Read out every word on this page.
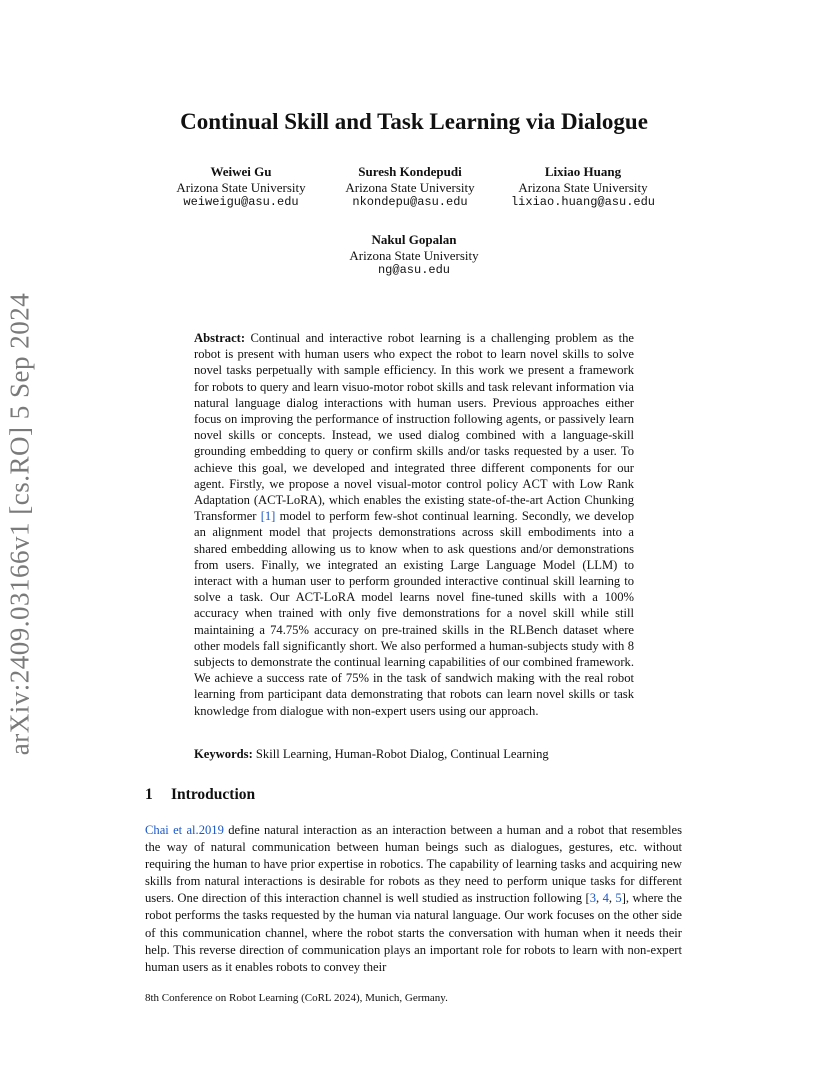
arXiv:2409.03166v1 [cs.RO] 5 Sep 2024
Continual Skill and Task Learning via Dialogue
Weiwei Gu
Arizona State University
weiweigu@asu.edu
Suresh Kondepudi
Arizona State University
nkondepu@asu.edu
Lixiao Huang
Arizona State University
lixiao.huang@asu.edu
Nakul Gopalan
Arizona State University
ng@asu.edu
Abstract: Continual and interactive robot learning is a challenging problem as the robot is present with human users who expect the robot to learn novel skills to solve novel tasks perpetually with sample efficiency. In this work we present a framework for robots to query and learn visuo-motor robot skills and task relevant information via natural language dialog interactions with human users. Previous approaches either focus on improving the performance of instruction following agents, or passively learn novel skills or concepts. Instead, we used dialog combined with a language-skill grounding embedding to query or confirm skills and/or tasks requested by a user. To achieve this goal, we developed and integrated three different components for our agent. Firstly, we propose a novel visual-motor control policy ACT with Low Rank Adaptation (ACT-LoRA), which enables the existing state-of-the-art Action Chunking Transformer [1] model to perform few-shot continual learning. Secondly, we develop an alignment model that projects demonstrations across skill embodiments into a shared embedding allowing us to know when to ask questions and/or demonstrations from users. Finally, we integrated an existing Large Language Model (LLM) to interact with a human user to perform grounded interactive continual skill learning to solve a task. Our ACT-LoRA model learns novel fine-tuned skills with a 100% accuracy when trained with only five demonstrations for a novel skill while still maintaining a 74.75% accuracy on pre-trained skills in the RLBench dataset where other models fall significantly short. We also performed a human-subjects study with 8 subjects to demonstrate the continual learning capabilities of our combined framework. We achieve a success rate of 75% in the task of sandwich making with the real robot learning from participant data demonstrating that robots can learn novel skills or task knowledge from dialogue with non-expert users using our approach.
Keywords: Skill Learning, Human-Robot Dialog, Continual Learning
1 Introduction
Chai et al.2019 define natural interaction as an interaction between a human and a robot that resembles the way of natural communication between human beings such as dialogues, gestures, etc. without requiring the human to have prior expertise in robotics. The capability of learning tasks and acquiring new skills from natural interactions is desirable for robots as they need to perform unique tasks for different users. One direction of this interaction channel is well studied as instruction following [3, 4, 5], where the robot performs the tasks requested by the human via natural language. Our work focuses on the other side of this communication channel, where the robot starts the conversation with human when it needs their help. This reverse direction of communication plays an important role for robots to learn with non-expert human users as it enables robots to convey their
8th Conference on Robot Learning (CoRL 2024), Munich, Germany.
